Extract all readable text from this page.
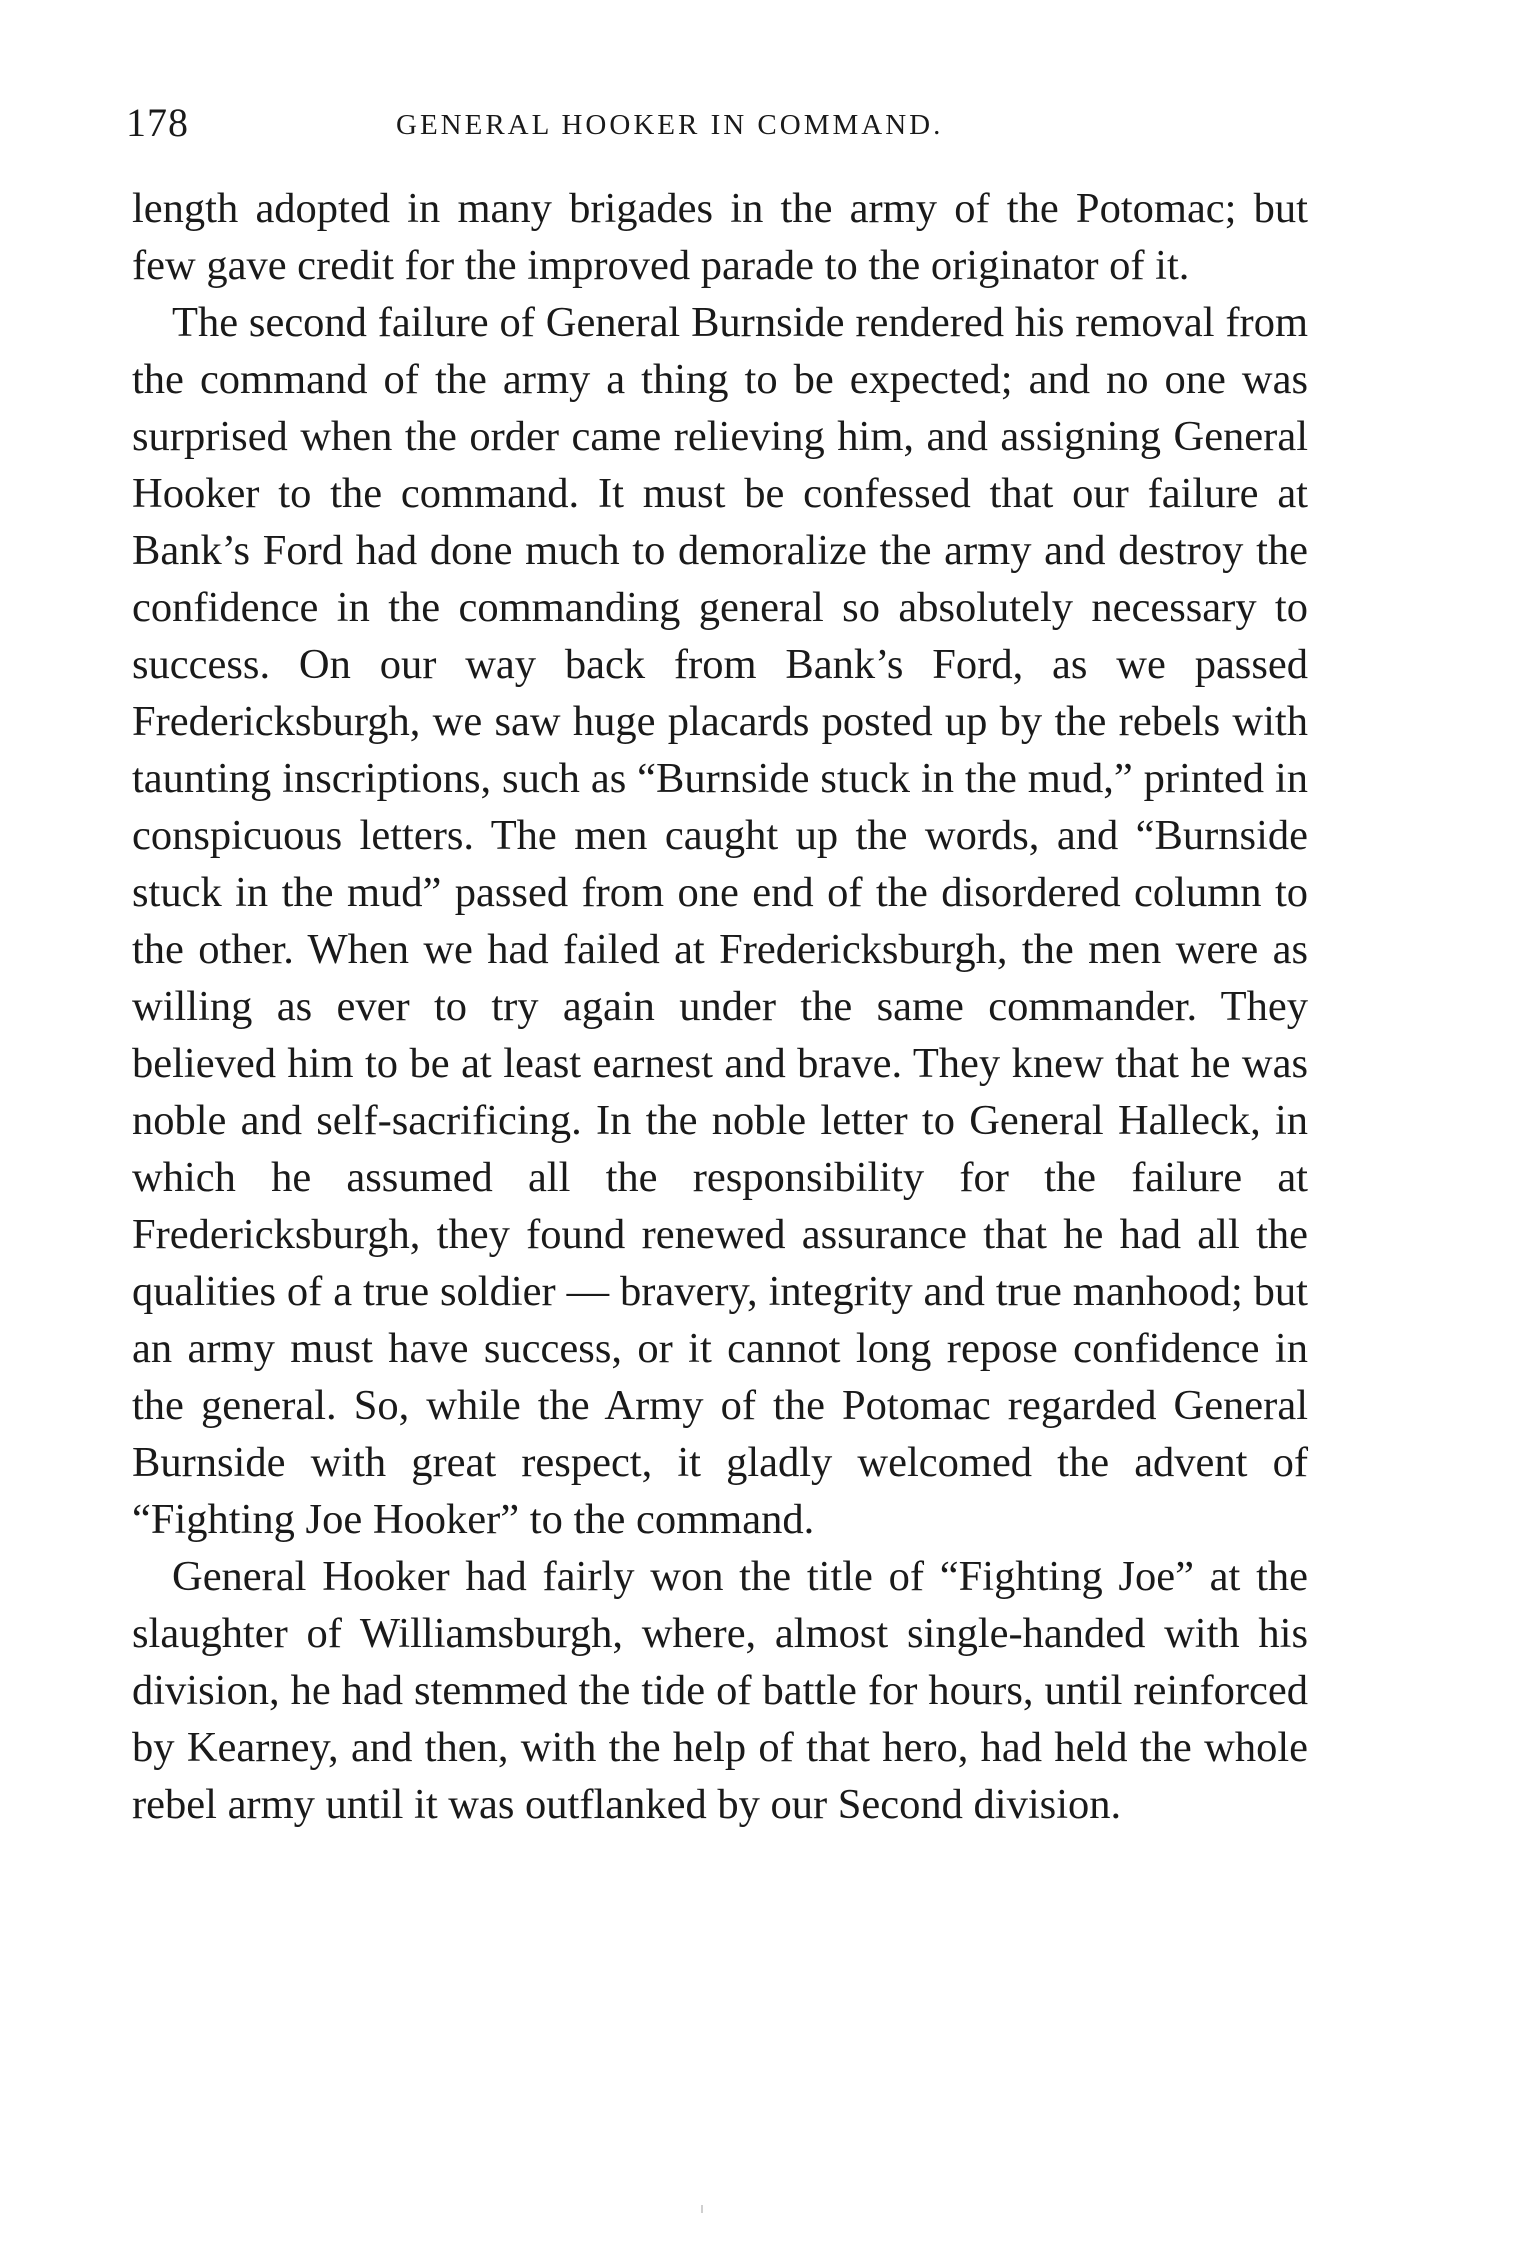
178	GENERAL HOOKER IN COMMAND.

length adopted in many brigades in the army of the Potomac; but few gave credit for the improved parade to the originator of it.

The second failure of General Burnside rendered his removal from the command of the army a thing to be expected; and no one was surprised when the order came relieving him, and assigning General Hooker to the command. It must be confessed that our failure at Bank’s Ford had done much to demoralize the army and destroy the confidence in the commanding general so absolutely necessary to success. On our way back from Bank’s Ford, as we passed Fredericksburgh, we saw huge placards posted up by the rebels with taunting inscriptions, such as “Burnside stuck in the mud,” printed in conspicuous letters. The men caught up the words, and “Burnside stuck in the mud” passed from one end of the disordered column to the other. When we had failed at Fredericksburgh, the men were as willing as ever to try again under the same commander. They believed him to be at least earnest and brave. They knew that he was noble and self-sacrificing. In the noble letter to General Halleck, in which he assumed all the responsibility for the failure at Fredericksburgh, they found renewed assurance that he had all the qualities of a true soldier — bravery, integrity and true manhood; but an army must have success, or it cannot long repose confidence in the general. So, while the Army of the Potomac regarded General Burnside with great respect, it gladly welcomed the advent of “Fighting Joe Hooker” to the command.

General Hooker had fairly won the title of “Fighting Joe” at the slaughter of Williamsburgh, where, almost single-handed with his division, he had stemmed the tide of battle for hours, until reinforced by Kearney, and then, with the help of that hero, had held the whole rebel army until it was outflanked by our Second division.
